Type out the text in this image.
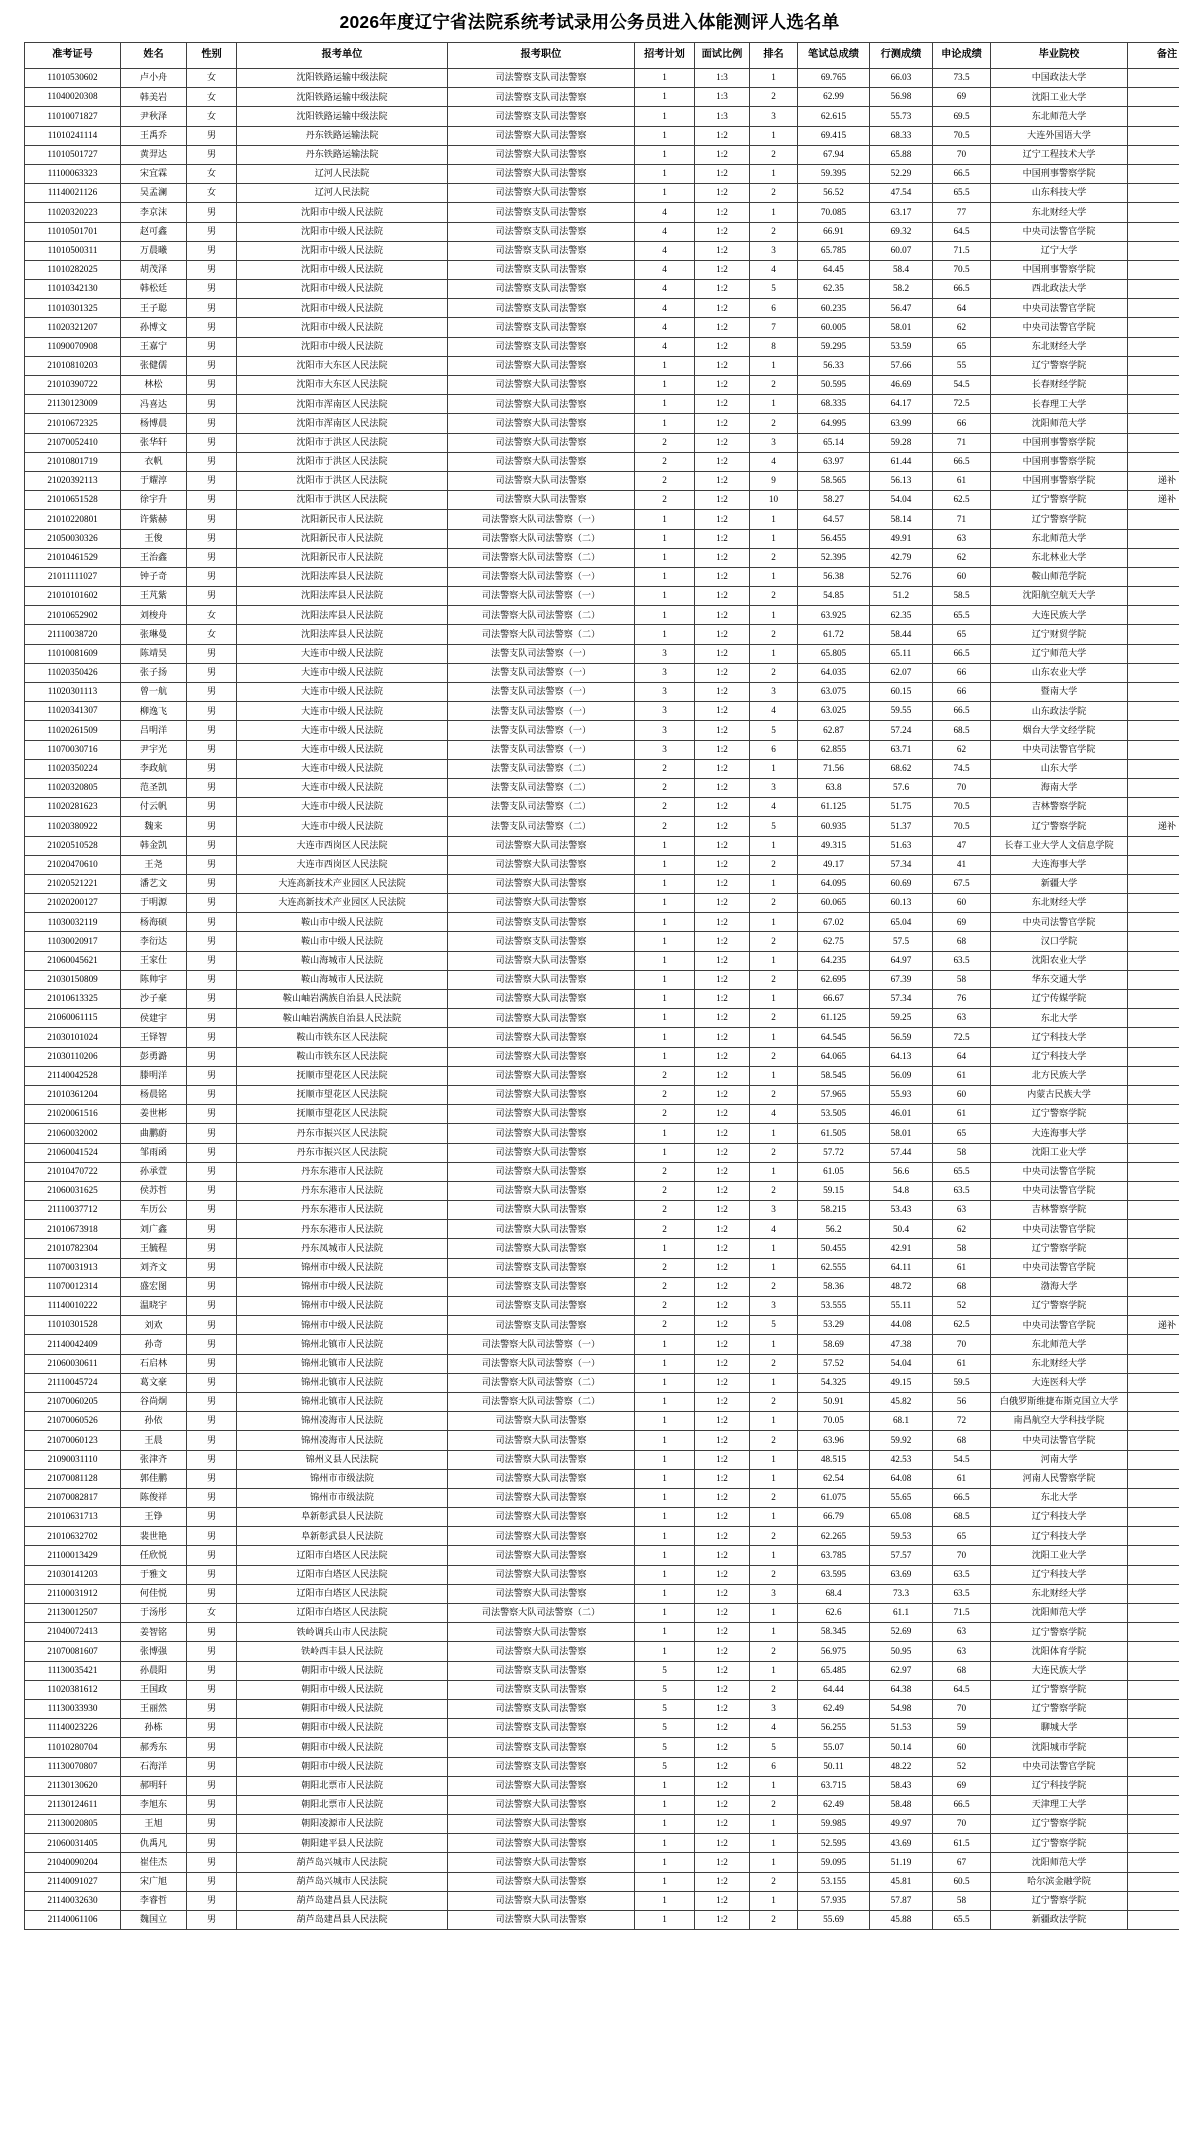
2026年度辽宁省法院系统考试录用公务员进入体能测评人选名单
准考证号	姓名	性别	报考单位	报考职位	招考计划	面试比例	排名	笔试总成绩	行测成绩	申论成绩	毕业院校	备注
11010530602	卢小舟	女	沈阳铁路运输中级法院	司法警察支队司法警察	1	1:3	1	69.765	66.03	73.5	中国政法大学	
11040020308	韩美岩	女	沈阳铁路运输中级法院	司法警察支队司法警察	1	1:3	2	62.99	56.98	69	沈阳工业大学	
11010071827	尹秋泽	女	沈阳铁路运输中级法院	司法警察支队司法警察	1	1:3	3	62.615	55.73	69.5	东北师范大学	
11010241114	王禹乔	男	丹东铁路运输法院	司法警察大队司法警察	1	1:2	1	69.415	68.33	70.5	大连外国语大学	
11010501727	黄羿达	男	丹东铁路运输法院	司法警察大队司法警察	1	1:2	2	67.94	65.88	70	辽宁工程技术大学	
11100063323	宋宜霖	女	辽河人民法院	司法警察大队司法警察	1	1:2	1	59.395	52.29	66.5	中国刑事警察学院	
11140021126	吴孟澜	女	辽河人民法院	司法警察大队司法警察	1	1:2	2	56.52	47.54	65.5	山东科技大学	
11020320223	李京沫	男	沈阳市中级人民法院	司法警察支队司法警察	4	1:2	1	70.085	63.17	77	东北财经大学	
11010501701	赵可鑫	男	沈阳市中级人民法院	司法警察支队司法警察	4	1:2	2	66.91	69.32	64.5	中央司法警官学院	
11010500311	万晨曦	男	沈阳市中级人民法院	司法警察支队司法警察	4	1:2	3	65.785	60.07	71.5	辽宁大学	
11010282025	胡茂泽	男	沈阳市中级人民法院	司法警察支队司法警察	4	1:2	4	64.45	58.4	70.5	中国刑事警察学院	
11010342130	韩松廷	男	沈阳市中级人民法院	司法警察支队司法警察	4	1:2	5	62.35	58.2	66.5	西北政法大学	
11010301325	王子聪	男	沈阳市中级人民法院	司法警察支队司法警察	4	1:2	6	60.235	56.47	64	中央司法警官学院	
11020321207	孙博文	男	沈阳市中级人民法院	司法警察支队司法警察	4	1:2	7	60.005	58.01	62	中央司法警官学院	
11090070908	王嘉宁	男	沈阳市中级人民法院	司法警察支队司法警察	4	1:2	8	59.295	53.59	65	东北财经大学	
21010810203	张健儒	男	沈阳市大东区人民法院	司法警察大队司法警察	1	1:2	1	56.33	57.66	55	辽宁警察学院	
21010390722	林松	男	沈阳市大东区人民法院	司法警察大队司法警察	1	1:2	2	50.595	46.69	54.5	长春财经学院	
21130123009	冯喜达	男	沈阳市浑南区人民法院	司法警察大队司法警察	1	1:2	1	68.335	64.17	72.5	长春理工大学	
21010672325	杨博晨	男	沈阳市浑南区人民法院	司法警察大队司法警察	1	1:2	2	64.995	63.99	66	沈阳师范大学	
21070052410	张华轩	男	沈阳市于洪区人民法院	司法警察大队司法警察	2	1:2	3	65.14	59.28	71	中国刑事警察学院	
21010801719	衣帆	男	沈阳市于洪区人民法院	司法警察大队司法警察	2	1:2	4	63.97	61.44	66.5	中国刑事警察学院	
21020392113	于耀淳	男	沈阳市于洪区人民法院	司法警察大队司法警察	2	1:2	9	58.565	56.13	61	中国刑事警察学院	递补
21010651528	徐宇升	男	沈阳市于洪区人民法院	司法警察大队司法警察	2	1:2	10	58.27	54.04	62.5	辽宁警察学院	递补
21010220801	许紫赫	男	沈阳新民市人民法院	司法警察大队司法警察（一）	1	1:2	1	64.57	58.14	71	辽宁警察学院	
21050030326	王俊	男	沈阳新民市人民法院	司法警察大队司法警察（二）	1	1:2	1	56.455	49.91	63	东北师范大学	
21010461529	王治鑫	男	沈阳新民市人民法院	司法警察大队司法警察（二）	1	1:2	2	52.395	42.79	62	东北林业大学	
21011111027	钟子奇	男	沈阳法库县人民法院	司法警察大队司法警察（一）	1	1:2	1	56.38	52.76	60	鞍山师范学院	
21010101602	王芃紫	男	沈阳法库县人民法院	司法警察大队司法警察（一）	1	1:2	2	54.85	51.2	58.5	沈阳航空航天大学	
21010652902	刘梭舟	女	沈阳法库县人民法院	司法警察大队司法警察（二）	1	1:2	1	63.925	62.35	65.5	大连民族大学	
21110038720	张琳曼	女	沈阳法库县人民法院	司法警察大队司法警察（二）	1	1:2	2	61.72	58.44	65	辽宁财贸学院	
11010081609	陈靖昊	男	大连市中级人民法院	法警支队司法警察（一）	3	1:2	1	65.805	65.11	66.5	辽宁师范大学	
11020350426	张子扬	男	大连市中级人民法院	法警支队司法警察（一）	3	1:2	2	64.035	62.07	66	山东农业大学	
11020301113	曾一航	男	大连市中级人民法院	法警支队司法警察（一）	3	1:2	3	63.075	60.15	66	暨南大学	
11020341307	柳逸飞	男	大连市中级人民法院	法警支队司法警察（一）	3	1:2	4	63.025	59.55	66.5	山东政法学院	
11020261509	吕明洋	男	大连市中级人民法院	法警支队司法警察（一）	3	1:2	5	62.87	57.24	68.5	烟台大学文经学院	
11070030716	尹宇光	男	大连市中级人民法院	法警支队司法警察（一）	3	1:2	6	62.855	63.71	62	中央司法警官学院	
11020350224	李政航	男	大连市中级人民法院	法警支队司法警察（二）	2	1:2	1	71.56	68.62	74.5	山东大学	
11020320805	范圣凯	男	大连市中级人民法院	法警支队司法警察（二）	2	1:2	3	63.8	57.6	70	海南大学	
11020281623	付云帆	男	大连市中级人民法院	法警支队司法警察（二）	2	1:2	4	61.125	51.75	70.5	吉林警察学院	
11020380922	魏来	男	大连市中级人民法院	法警支队司法警察（二）	2	1:2	5	60.935	51.37	70.5	辽宁警察学院	递补
21020510528	韩金凯	男	大连市西岗区人民法院	司法警察大队司法警察	1	1:2	1	49.315	51.63	47	长春工业大学人文信息学院	
21020470610	王尧	男	大连市西岗区人民法院	司法警察大队司法警察	1	1:2	2	49.17	57.34	41	大连海事大学	
21020521221	潘艺文	男	大连高新技术产业园区人民法院	司法警察大队司法警察	1	1:2	1	64.095	60.69	67.5	新疆大学	
21020200127	于明源	男	大连高新技术产业园区人民法院	司法警察大队司法警察	1	1:2	2	60.065	60.13	60	东北财经大学	
11030032119	杨海硕	男	鞍山市中级人民法院	司法警察支队司法警察	1	1:2	1	67.02	65.04	69	中央司法警官学院	
11030020917	李衍达	男	鞍山市中级人民法院	司法警察支队司法警察	1	1:2	2	62.75	57.5	68	汉口学院	
21060045621	王家仕	男	鞍山海城市人民法院	司法警察大队司法警察	1	1:2	1	64.235	64.97	63.5	沈阳农业大学	
21030150809	陈帅宇	男	鞍山海城市人民法院	司法警察大队司法警察	1	1:2	2	62.695	67.39	58	华东交通大学	
21010613325	沙子豪	男	鞍山岫岩满族自治县人民法院	司法警察大队司法警察	1	1:2	1	66.67	57.34	76	辽宁传媒学院	
21060061115	侯建宇	男	鞍山岫岩满族自治县人民法院	司法警察大队司法警察	1	1:2	2	61.125	59.25	63	东北大学	
21030101024	王铎智	男	鞍山市铁东区人民法院	司法警察大队司法警察	1	1:2	1	64.545	56.59	72.5	辽宁科技大学	
21030110206	彭勇潞	男	鞍山市铁东区人民法院	司法警察大队司法警察	1	1:2	2	64.065	64.13	64	辽宁科技大学	
21140042528	滕明洋	男	抚顺市望花区人民法院	司法警察大队司法警察	2	1:2	1	58.545	56.09	61	北方民族大学	
21010361204	杨晨铭	男	抚顺市望花区人民法院	司法警察大队司法警察	2	1:2	2	57.965	55.93	60	内蒙古民族大学	
21020061516	姜世彬	男	抚顺市望花区人民法院	司法警察大队司法警察	2	1:2	4	53.505	46.01	61	辽宁警察学院	
21060032002	曲鹏蔚	男	丹东市振兴区人民法院	司法警察大队司法警察	1	1:2	1	61.505	58.01	65	大连海事大学	
21060041524	邹雨函	男	丹东市振兴区人民法院	司法警察大队司法警察	1	1:2	2	57.72	57.44	58	沈阳工业大学	
21010470722	孙承萱	男	丹东东港市人民法院	司法警察大队司法警察	2	1:2	1	61.05	56.6	65.5	中央司法警官学院	
21060031625	侯苏哲	男	丹东东港市人民法院	司法警察大队司法警察	2	1:2	2	59.15	54.8	63.5	中央司法警官学院	
21110037712	车历公	男	丹东东港市人民法院	司法警察大队司法警察	2	1:2	3	58.215	53.43	63	吉林警察学院	
21010673918	刘广鑫	男	丹东东港市人民法院	司法警察大队司法警察	2	1:2	4	56.2	50.4	62	中央司法警官学院	
21010782304	王毓程	男	丹东凤城市人民法院	司法警察大队司法警察	1	1:2	1	50.455	42.91	58	辽宁警察学院	
11070031913	刘齐文	男	锦州市中级人民法院	司法警察支队司法警察	2	1:2	1	62.555	64.11	61	中央司法警官学院	
11070012314	盛宏图	男	锦州市中级人民法院	司法警察支队司法警察	2	1:2	2	58.36	48.72	68	渤海大学	
11140010222	温晓宇	男	锦州市中级人民法院	司法警察支队司法警察	2	1:2	3	53.555	55.11	52	辽宁警察学院	
11010301528	刘欢	男	锦州市中级人民法院	司法警察支队司法警察	2	1:2	5	53.29	44.08	62.5	中央司法警官学院	递补
21140042409	孙奇	男	锦州北镇市人民法院	司法警察大队司法警察（一）	1	1:2	1	58.69	47.38	70	东北师范大学	
21060030611	石启林	男	锦州北镇市人民法院	司法警察大队司法警察（一）	1	1:2	2	57.52	54.04	61	东北财经大学	
21110045724	葛文豪	男	锦州北镇市人民法院	司法警察大队司法警察（二）	1	1:2	1	54.325	49.15	59.5	大连医科大学	
21070060205	谷尚炯	男	锦州北镇市人民法院	司法警察大队司法警察（二）	1	1:2	2	50.91	45.82	56	白俄罗斯维捷布斯克国立大学	
21070060526	孙依	男	锦州凌海市人民法院	司法警察大队司法警察	1	1:2	1	70.05	68.1	72	南昌航空大学科技学院	
21070060123	王晨	男	锦州凌海市人民法院	司法警察大队司法警察	1	1:2	2	63.96	59.92	68	中央司法警官学院	
21090031110	张津齐	男	锦州义县人民法院	司法警察大队司法警察	1	1:2	1	48.515	42.53	54.5	河南大学	
21070081128	郭佳鹏	男	锦州市市级法院	司法警察大队司法警察	1	1:2	1	62.54	64.08	61	河南人民警察学院	
21070082817	陈俊祥	男	锦州市市级法院	司法警察大队司法警察	1	1:2	2	61.075	55.65	66.5	东北大学	
21010631713	王铮	男	阜新彰武县人民法院	司法警察大队司法警察	1	1:2	1	66.79	65.08	68.5	辽宁科技大学	
21010632702	裴世艳	男	阜新彰武县人民法院	司法警察大队司法警察	1	1:2	2	62.265	59.53	65	辽宁科技大学	
21100013429	任欣悦	男	辽阳市白塔区人民法院	司法警察大队司法警察	1	1:2	1	63.785	57.57	70	沈阳工业大学	
21030141203	于雅文	男	辽阳市白塔区人民法院	司法警察大队司法警察	1	1:2	2	63.595	63.69	63.5	辽宁科技大学	
21100031912	何佳悦	男	辽阳市白塔区人民法院	司法警察大队司法警察	1	1:2	3	68.4	73.3	63.5	东北财经大学	
21130012507	于汤彤	女	辽阳市白塔区人民法院	司法警察大队司法警察（二）	1	1:2	1	62.6	61.1	71.5	沈阳师范大学	
21040072413	姜智铭	男	铁岭调兵山市人民法院	司法警察大队司法警察	1	1:2	1	58.345	52.69	63	辽宁警察学院	
21070081607	张博强	男	铁岭西丰县人民法院	司法警察大队司法警察	1	1:2	2	56.975	50.95	63	沈阳体育学院	
11130035421	孙晨阳	男	朝阳市中级人民法院	司法警察支队司法警察	5	1:2	1	65.485	62.97	68	大连民族大学	
11020381612	王国政	男	朝阳市中级人民法院	司法警察支队司法警察	5	1:2	2	64.44	64.38	64.5	辽宁警察学院	
11130033930	王丽然	男	朝阳市中级人民法院	司法警察支队司法警察	5	1:2	3	62.49	54.98	70	辽宁警察学院	
11140023226	孙栋	男	朝阳市中级人民法院	司法警察支队司法警察	5	1:2	4	56.255	51.53	59	聊城大学	
11010280704	郝秀东	男	朝阳市中级人民法院	司法警察支队司法警察	5	1:2	5	55.07	50.14	60	沈阳城市学院	
11130070807	石海洋	男	朝阳市中级人民法院	司法警察支队司法警察	5	1:2	6	50.11	48.22	52	中央司法警官学院	
21130130620	郝明轩	男	朝阳北票市人民法院	司法警察大队司法警察	1	1:2	1	63.715	58.43	69	辽宁科技学院	
21130124611	李旭东	男	朝阳北票市人民法院	司法警察大队司法警察	1	1:2	2	62.49	58.48	66.5	天津理工大学	
21130020805	王旭	男	朝阳凌源市人民法院	司法警察大队司法警察	1	1:2	1	59.985	49.97	70	辽宁警察学院	
21060031405	仇禹凡	男	朝阳建平县人民法院	司法警察大队司法警察	1	1:2	1	52.595	43.69	61.5	辽宁警察学院	
21040090204	崔佳杰	男	葫芦岛兴城市人民法院	司法警察大队司法警察	1	1:2	1	59.095	51.19	67	沈阳师范大学	
21140091027	宋广旭	男	葫芦岛兴城市人民法院	司法警察大队司法警察	1	1:2	2	53.155	45.81	60.5	哈尔滨金融学院	
21140032630	李睿哲	男	葫芦岛建昌县人民法院	司法警察大队司法警察	1	1:2	1	57.935	57.87	58	辽宁警察学院	
21140061106	魏国立	男	葫芦岛建昌县人民法院	司法警察大队司法警察	1	1:2	2	55.69	45.88	65.5	新疆政法学院	
